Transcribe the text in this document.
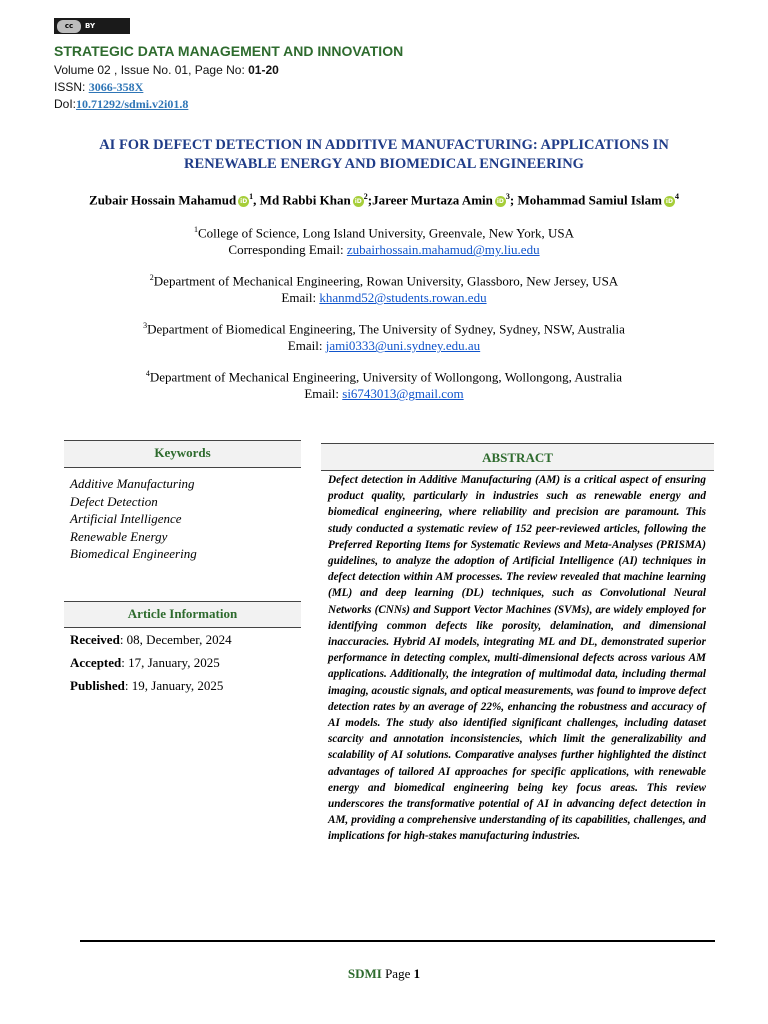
cc	BY
STRATEGIC DATA MANAGEMENT AND INNOVATION
Volume 02 , Issue No. 01, Page No: 01-20
ISSN: 3066-358X
DoI:10.71292/sdmi.v2i01.8
AI FOR DEFECT DETECTION IN ADDITIVE MANUFACTURING: APPLICATIONS IN RENEWABLE ENERGY AND BIOMEDICAL ENGINEERING
Zubair Hossain Mahamud $iD^1$, Md Rabbi Khan $iD^2;Jareer$ Murtaza Amin $iD^3$; Mohammad Samiul Islam $iD^4$
$^1$College of Science, Long Island University, Greenvale, New York, USA
Corresponding Email: zubairhossain.mahamud@my.liu.edu
$^2$Department of Mechanical Engineering, Rowan University, Glassboro, New Jersey, USA
Email: khanmd52@students.rowan.edu
$^3$Department of Biomedical Engineering, The University of Sydney, Sydney, NSW, Australia
Email: jami0333@uni.sydney.edu.au
$^4$Department of Mechanical Engineering, University of Wollongong, Wollongong, Australia
Email: si6743013@gmail.com
Keywords
Additive Manufacturing
Defect Detection
Artificial Intelligence
Renewable Energy
Biomedical Engineering
Article Information
Received: 08, December, 2024
Accepted: 17, January, 2025
Published: 19, January, 2025
ABSTRACT
Defect detection in Additive Manufacturing (AM) is a critical aspect of ensuring product quality, particularly in industries such as renewable energy and biomedical engineering, where reliability and precision are paramount. This study conducted a systematic review of 152 peer-reviewed articles, following the Preferred Reporting Items for Systematic Reviews and Meta-Analyses (PRISMA) guidelines, to analyze the adoption of Artificial Intelligence (AI) techniques in defect detection within AM processes. The review revealed that machine learning (ML) and deep learning (DL) techniques, such as Convolutional Neural Networks (CNNs) and Support Vector Machines (SVMs), are widely employed for identifying common defects like porosity, delamination, and dimensional inaccuracies. Hybrid AI models, integrating ML and DL, demonstrated superior performance in detecting complex, multi-dimensional defects across various AM applications. Additionally, the integration of multimodal data, including thermal imaging, acoustic signals, and optical measurements, was found to improve defect detection rates by an average of 22%, enhancing the robustness and accuracy of AI models. The study also identified significant challenges, including dataset scarcity and annotation inconsistencies, which limit the generalizability and scalability of AI solutions. Comparative analyses further highlighted the distinct advantages of tailored AI approaches for specific applications, with renewable energy and biomedical engineering being key focus areas. This review underscores the transformative potential of AI in advancing defect detection in AM, providing a comprehensive understanding of its capabilities, challenges, and implications for high-stakes manufacturing industries.
SDMI Page 1
